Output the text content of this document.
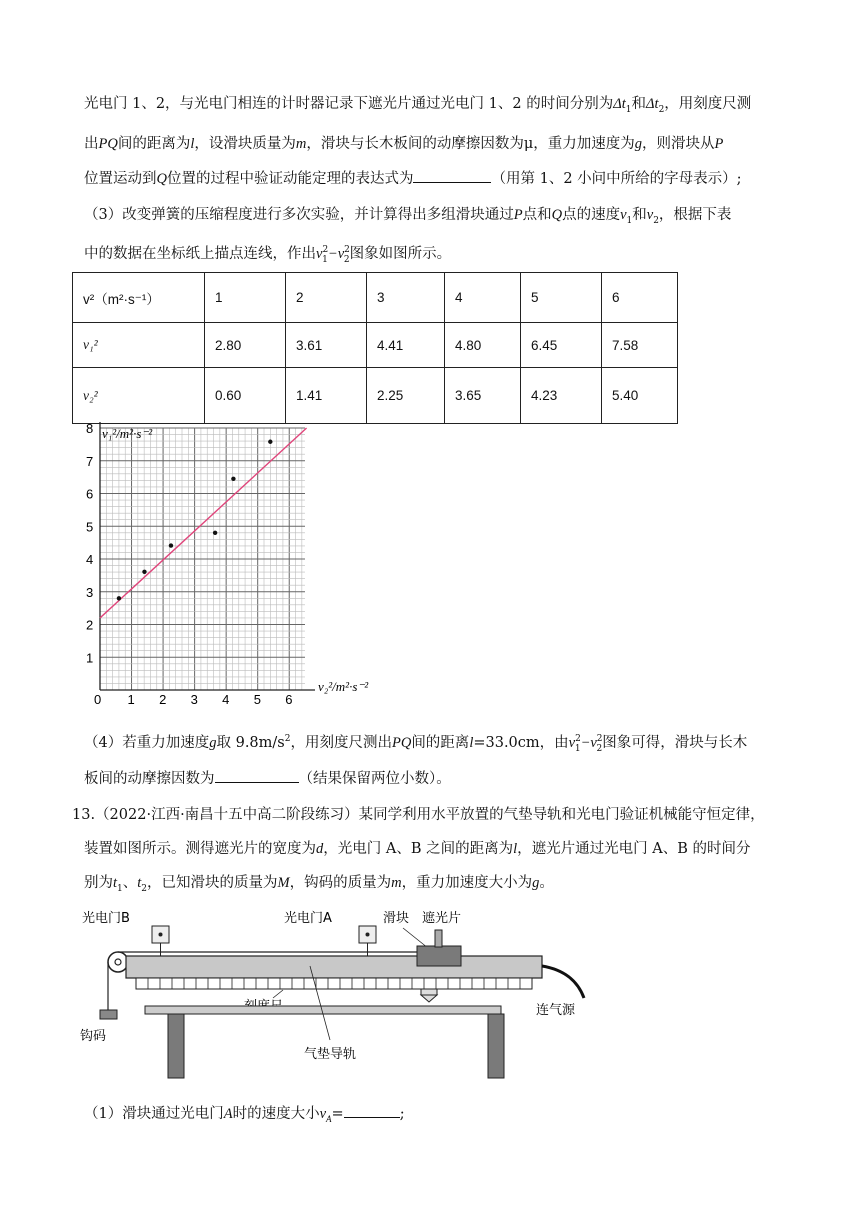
光电门 1、2，与光电门相连的计时器记录下遮光片通过光电门 1、2 的时间分别为$\Delta t_1$和$\Delta t_2$，用刻度尺测
出PQ间的距离为l，设滑块质量为m，滑块与长木板间的动摩擦因数为μ，重力加速度为g，则滑块从P
位置运动到Q位置的过程中验证动能定理的表达式为	（用第 1、2 小问中所给的字母表示）;
（3）改变弹簧的压缩程度进行多次实验，并计算得出多组滑块通过P点和Q点的速度$v_1$和$v_2$，根据下表
中的数据在坐标纸上描点连线，作出$v^2_1-v^2_2$图象如图所示。
v²（m²·s⁻¹）	1	2	3	4	5	6
v₁²	2.80	3.61	4.41	4.80	6.45	7.58
v₂²	0.60	1.41	2.25	3.65	4.23	5.40
0 1 2 3 4 5 6
1
2
3
4
5
6
7
8 v₁²/m²·s⁻²
v₂²/m²·s⁻²
（4）若重力加速度g取 $9.8m/s^2$，用刻度尺测出PQ间的距离l=33.0cm，由$v^2_1-v^2_2$图象可得，滑块与长木
板间的动摩擦因数为	（结果保留两位小数）。
13.（2022·江西·南昌十五中高二阶段练习）某同学利用水平放置的气垫导轨和光电门验证机械能守恒定律，
装置如图所示。测得遮光片的宽度为d，光电门 A、B 之间的距离为l，遮光片通过光电门 A、B 的时间分
别为$t_1$、$t_2$，已知滑块的质量为M，钩码的质量为m，重力加速度大小为g。
钩码
光电门B	光电门A	滑块 遮光片
连气源
气垫导轨
（1）滑块通过光电门A时的速度大小$v_A=$	;
